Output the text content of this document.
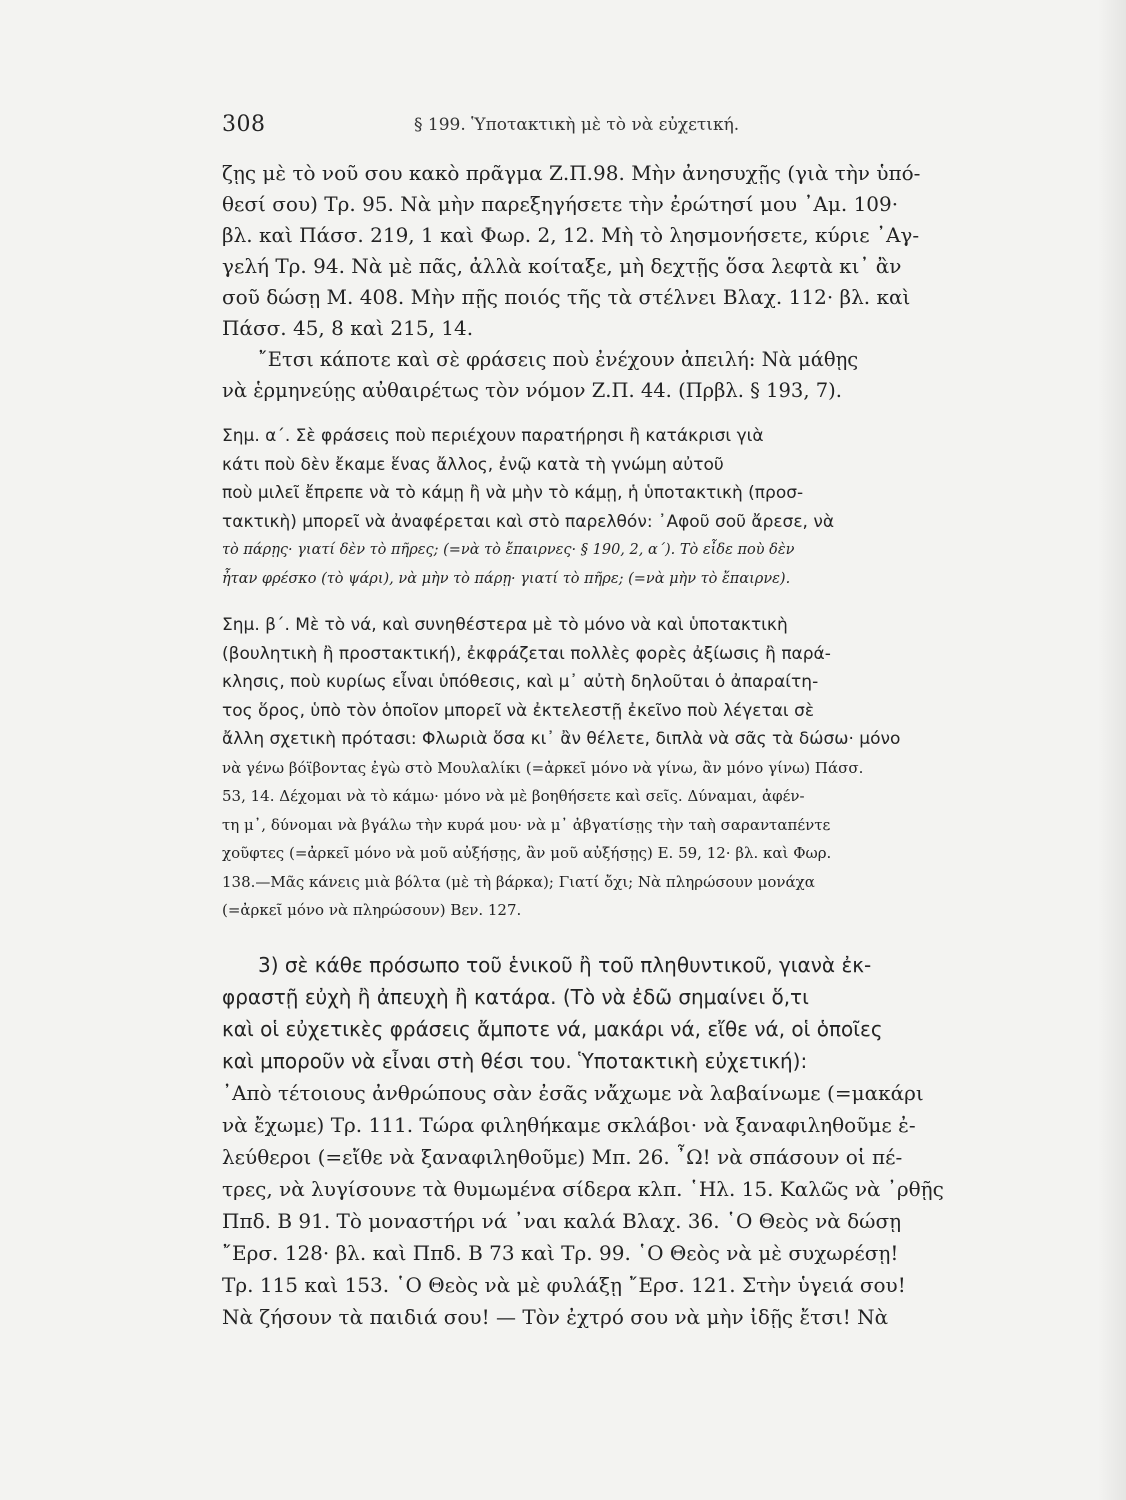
308	§ 199. Ὑποτακτικὴ μὲ τὸ νὰ εὐχετική.
ζῃς μὲ τὸ νοῦ σου κακὸ πρᾶγμα Ζ.Π.98. Μὴν ἀνησυχῇς (γιὰ τὴν ὑπό-
θεσί σου) Τρ. 95. Νὰ μὴν παρεξηγήσετε τὴν ἐρώτησί μου ᾿Αμ. 109·
βλ. καὶ Πάσσ. 219, 1 καὶ Φωρ. 2, 12. Μὴ τὸ λησμονήσετε, κύριε ᾿Αγ-
γελή Τρ. 94. Νὰ μὲ πᾶς, ἀλλὰ κοίταξε, μὴ δεχτῇς ὅσα λεφτὰ κι᾿ ἂν
σοῦ δώσῃ Μ. 408. Μὴν πῇς ποιός τῆς τὰ στέλνει Βλαχ. 112· βλ. καὶ
Πάσσ. 45, 8 καὶ 215, 14.
῎Ετσι κάποτε καὶ σὲ φράσεις ποὺ ἐνέχουν ἀπειλή: Νὰ μάθῃς
νὰ ἑρμηνεύῃς αὐθαιρέτως τὸν νόμον Ζ.Π. 44. (Πρβλ. § 193, 7).
Σημ. α΄. Σὲ φράσεις ποὺ περιέχουν παρατήρησι ἢ κατάκρισι γιὰ
κάτι ποὺ δὲν ἔκαμε ἕνας ἄλλος, ἐνῷ κατὰ τὴ γνώμη αὐτοῦ
ποὺ μιλεῖ ἔπρεπε νὰ τὸ κάμῃ ἢ νὰ μὴν τὸ κάμῃ, ἡ ὑποτακτικὴ (προσ-
τακτικὴ) μπορεῖ νὰ ἀναφέρεται καὶ στὸ παρελθόν: ᾿Αφοῦ σοῦ ἄρεσε, νὰ
τὸ πάρῃς· γιατί δὲν τὸ πῆρες; (=νὰ τὸ ἔπαιρνες· § 190, 2, α΄). Τὸ εἶδε ποὺ δὲν
ἦταν φρέσκο (τὸ ψάρι), νὰ μὴν τὸ πάρῃ· γιατί τὸ πῆρε; (=νὰ μὴν τὸ ἔπαιρνε).
Σημ. β΄. Μὲ τὸ νά, καὶ συνηθέστερα μὲ τὸ μόνο νὰ καὶ ὑποτακτικὴ
(βουλητικὴ ἢ προστακτική), ἐκφράζεται πολλὲς φορὲς ἀξίωσις ἢ παρά-
κλησις, ποὺ κυρίως εἶναι ὑπόθεσις, καὶ μ᾿ αὐτὴ δηλοῦται ὁ ἀπαραίτη-
τος ὅρος, ὑπὸ τὸν ὁποῖον μπορεῖ νὰ ἐκτελεστῇ ἐκεῖνο ποὺ λέγεται σὲ
ἄλλη σχετικὴ πρότασι: Φλωριὰ ὅσα κι᾿ ἂν θέλετε, διπλὰ νὰ σᾶς τὰ δώσω· μόνο
νὰ γένω βόϊβοντας ἐγὼ στὸ Μουλαλίκι (=ἀρκεῖ μόνο νὰ γίνω, ἂν μόνο γίνω) Πάσσ.
53, 14. Δέχομαι νὰ τὸ κάμω· μόνο νὰ μὲ βοηθήσετε καὶ σεῖς. Δύναμαι, ἀφέν-
τη μ᾿, δύνομαι νὰ βγάλω τὴν κυρά μου· νὰ μ᾿ ἀβγατίσῃς τὴν ταὴ σαρανταπέντε
χοῦφτες (=ἀρκεῖ μόνο νὰ μοῦ αὐξήσῃς, ἂν μοῦ αὐξήσῃς) Ε. 59, 12· βλ. καὶ Φωρ.
138.—Μᾶς κάνεις μιὰ βόλτα (μὲ τὴ βάρκα); Γιατί ὄχι; Νὰ πληρώσουν μονάχα
(=ἀρκεῖ μόνο νὰ πληρώσουν) Βεν. 127.
3) σὲ κάθε πρόσωπο τοῦ ἑνικοῦ ἢ τοῦ πληθυντικοῦ, γιανὰ ἐκ-
φραστῇ εὐχὴ ἢ ἀπευχὴ ἢ κατάρα. (Τὸ νὰ ἐδῶ σημαίνει ὅ,τι
καὶ οἱ εὐχετικὲς φράσεις ἄμποτε νά, μακάρι νά, εἴθε νά, οἱ ὁποῖες
καὶ μποροῦν νὰ εἶναι στὴ θέσι του. Ὑποτακτικὴ εὐχετική):
᾿Απὸ τέτοιους ἀνθρώπους σὰν ἐσᾶς νἄχωμε νὰ λαβαίνωμε (=μακάρι
νὰ ἔχωμε) Τρ. 111. Τώρα φιληθήκαμε σκλάβοι· νὰ ξαναφιληθοῦμε ἐ-
λεύθεροι (=εἴθε νὰ ξαναφιληθοῦμε) Μπ. 26. ῏Ω! νὰ σπάσουν οἱ πέ-
τρες, νὰ λυγίσουνε τὰ θυμωμένα σίδερα κλπ. ῾Ηλ. 15. Καλῶς νὰ ᾿ρθῇς
Ππδ. Β 91. Τὸ μοναστήρι νά ᾿ναι καλά Βλαχ. 36. ῾Ο Θεὸς νὰ δώσῃ
῎Ερσ. 128· βλ. καὶ Ππδ. Β 73 καὶ Τρ. 99. ῾Ο Θεὸς νὰ μὲ συχωρέσῃ!
Τρ. 115 καὶ 153. ῾Ο Θεὸς νὰ μὲ φυλάξῃ ῎Ερσ. 121. Στὴν ὑγειά σου!
Νὰ ζήσουν τὰ παιδιά σου! — Τὸν ἐχτρό σου νὰ μὴν ἰδῇς ἔτσι! Νὰ
